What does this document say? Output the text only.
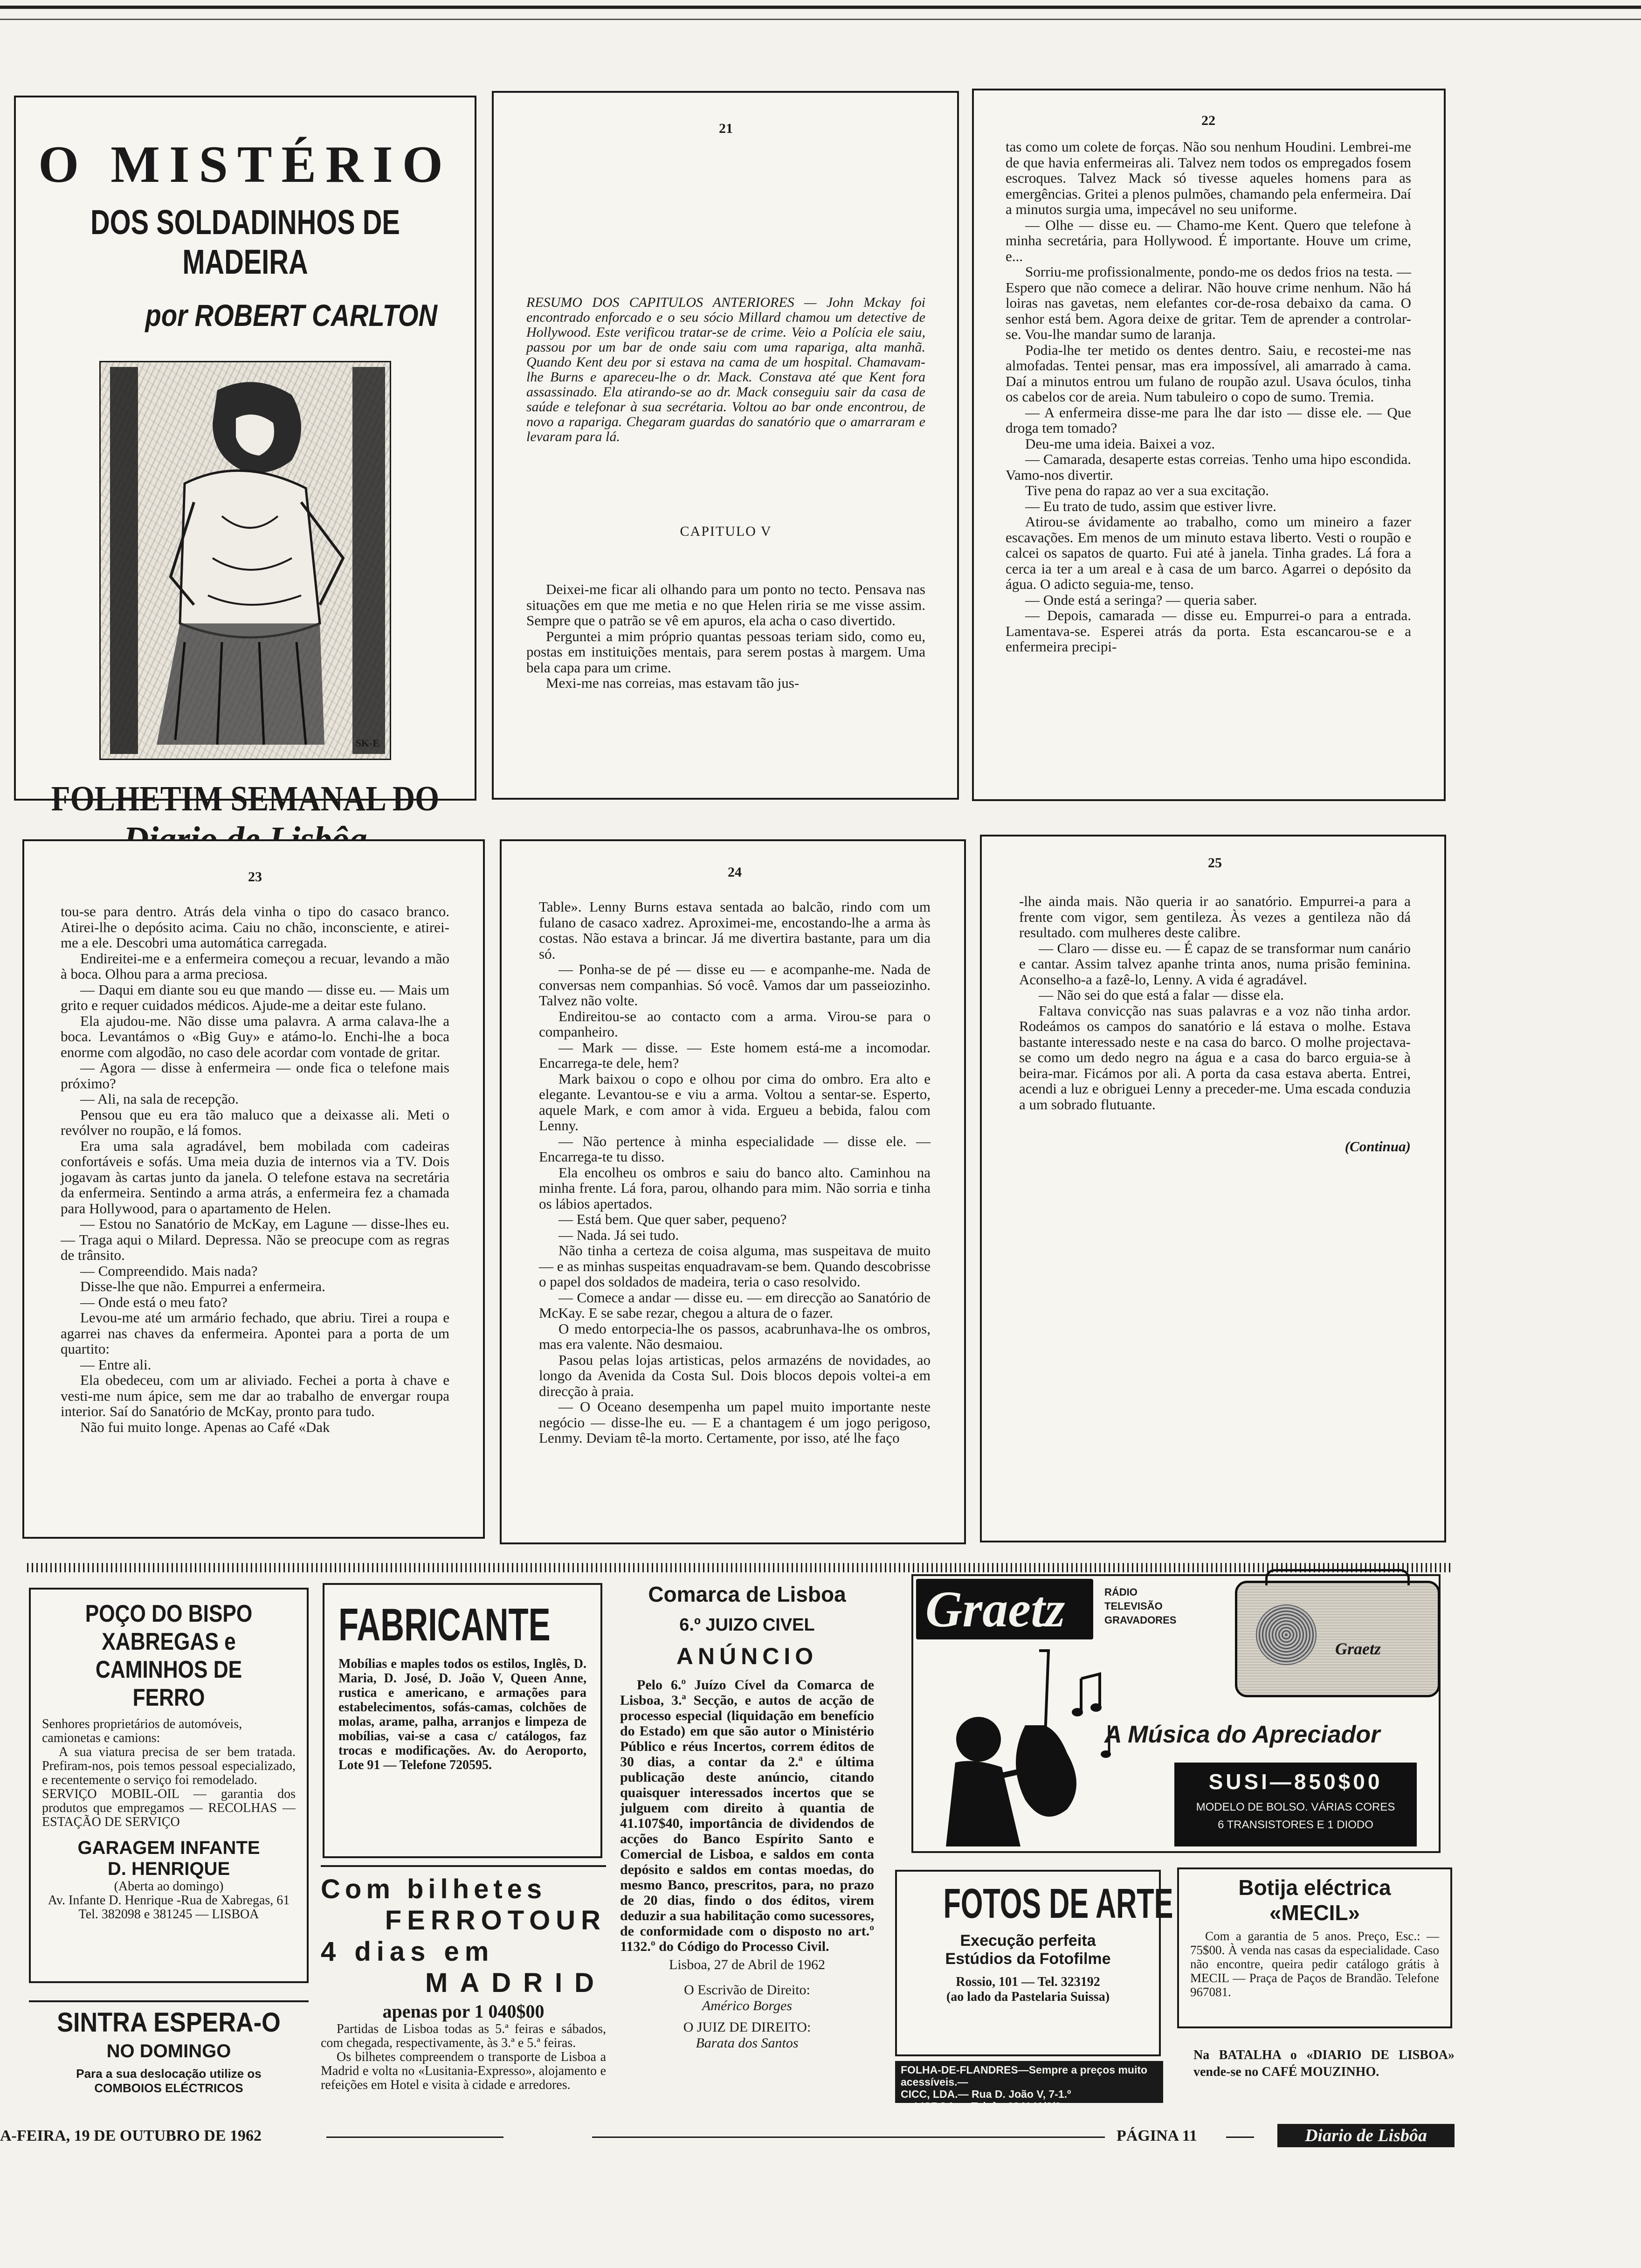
O MISTÉRIO
DOS SOLDADINHOS DE MADEIRA
por ROBERT CARLTON
SK-E
FOLHETIM SEMANAL DO
21
RESUMO DOS CAPITULOS ANTERIORES — John Mckay foi encontrado enforcado e o seu sócio Millard chamou um detective de Hollywood. Este verificou tratar-se de crime. Veio a Polícia ele saiu, passou por um bar de onde saiu com uma rapariga, alta manhã. Quando Kent deu por si estava na cama de um hospital. Chamavam-lhe Burns e apareceu-lhe o dr. Mack. Constava até que Kent fora assassinado. Ela atirando-se ao dr. Mack conseguiu sair da casa de saúde e telefonar à sua secrétaria. Voltou ao bar onde encontrou, de novo a rapariga. Chegaram guardas do sanatório que o amarraram e levaram para lá.
CAPITULO V

Deixei-me ficar ali olhando para um ponto no tecto. Pensava nas situações em que me metia e no que Helen riria se me visse assim. Sempre que o patrão se vê em apuros, ela acha o caso divertido.

Perguntei a mim próprio quantas pessoas teriam sido, como eu, postas em instituições mentais, para serem postas à margem. Uma bela capa para um crime.

Mexi-me nas correias, mas estavam tão jus-

22

tas como um colete de forças. Não sou nenhum Houdini. Lembrei-me de que havia enfermeiras ali. Talvez nem todos os empregados fosem escroques. Talvez Mack só tivesse aqueles homens para as emergências. Gritei a plenos pulmões, chamando pela enfermeira. Daí a minutos surgia uma, impecável no seu uniforme.

— Olhe — disse eu. — Chamo-me Kent. Quero que telefone à minha secretária, para Hollywood. É importante. Houve um crime, e...

Sorriu-me profissionalmente, pondo-me os dedos frios na testa. — Espero que não comece a delirar. Não houve crime nenhum. Não há loiras nas gavetas, nem elefantes cor-de-rosa debaixo da cama. O senhor está bem. Agora deixe de gritar. Tem de aprender a controlar-se. Vou-lhe mandar sumo de laranja.

Podia-lhe ter metido os dentes dentro. Saiu, e recostei-me nas almofadas. Tentei pensar, mas era impossível, ali amarrado à cama. Daí a minutos entrou um fulano de roupão azul. Usava óculos, tinha os cabelos cor de areia. Num tabuleiro o copo de sumo. Tremia.

— A enfermeira disse-me para lhe dar isto — disse ele. — Que droga tem tomado?

Deu-me uma ideia. Baixei a voz.

— Camarada, desaperte estas correias. Tenho uma hipo escondida. Vamo-nos divertir.

Tive pena do rapaz ao ver a sua excitação.

— Eu trato de tudo, assim que estiver livre.

Atirou-se ávidamente ao trabalho, como um mineiro a fazer escavações. Em menos de um minuto estava liberto. Vesti o roupão e calcei os sapatos de quarto. Fui até à janela. Tinha grades. Lá fora a cerca ia ter a um areal e à casa de um barco. Agarrei o depósito da água. O adicto seguia-me, tenso.

— Onde está a seringa? — queria saber.

— Depois, camarada — disse eu. Empurrei-o para a entrada. Lamentava-se. Esperei atrás da porta. Esta escancarou-se e a enfermeira precipi-

23

tou-se para dentro. Atrás dela vinha o tipo do casaco branco. Atirei-lhe o depósito acima. Caiu no chão, inconsciente, e atirei-me a ele. Descobri uma automática carregada.

Endireitei-me e a enfermeira começou a recuar, levando a mão à boca. Olhou para a arma preciosa.

— Daqui em diante sou eu que mando — disse eu. — Mais um grito e requer cuidados médicos. Ajude-me a deitar este fulano.

Ela ajudou-me. Não disse uma palavra. A arma calava-lhe a boca. Levantámos o «Big Guy» e atámo-lo. Enchi-lhe a boca enorme com algodão, no caso dele acordar com vontade de gritar.

— Agora — disse à enfermeira — onde fica o telefone mais próximo?

— Ali, na sala de recepção.

Pensou que eu era tão maluco que a deixasse ali. Meti o revólver no roupão, e lá fomos.

Era uma sala agradável, bem mobilada com cadeiras confortáveis e sofás. Uma meia duzia de internos via a TV. Dois jogavam às cartas junto da janela. O telefone estava na secretária da enfermeira. Sentindo a arma atrás, a enfermeira fez a chamada para Hollywood, para o apartamento de Helen.

— Estou no Sanatório de McKay, em Lagune — disse-lhes eu. — Traga aqui o Milard. Depressa. Não se preocupe com as regras de trânsito.

— Compreendido. Mais nada?

Disse-lhe que não. Empurrei a enfermeira.

— Onde está o meu fato?

Levou-me até um armário fechado, que abriu. Tirei a roupa e agarrei nas chaves da enfermeira. Apontei para a porta de um quartito:

— Entre ali.

Ela obedeceu, com um ar aliviado. Fechei a porta à chave e vesti-me num ápice, sem me dar ao trabalho de envergar roupa interior. Saí do Sanatório de McKay, pronto para tudo.

Não fui muito longe. Apenas ao Café «Dak

24

Table». Lenny Burns estava sentada ao balcão, rindo com um fulano de casaco xadrez. Aproximei-me, encostando-lhe a arma às costas. Não estava a brincar. Já me divertira bastante, para um dia só.

— Ponha-se de pé — disse eu — e acompanhe-me. Nada de conversas nem companhias. Só você. Vamos dar um passeiozinho. Talvez não volte.

Endireitou-se ao contacto com a arma. Virou-se para o companheiro.

— Mark — disse. — Este homem está-me a incomodar. Encarrega-te dele, hem?

Mark baixou o copo e olhou por cima do ombro. Era alto e elegante. Levantou-se e viu a arma. Voltou a sentar-se. Esperto, aquele Mark, e com amor à vida. Ergueu a bebida, falou com Lenny.

— Não pertence à minha especialidade — disse ele. — Encarrega-te tu disso.

Ela encolheu os ombros e saiu do banco alto. Caminhou na minha frente. Lá fora, parou, olhando para mim. Não sorria e tinha os lábios apertados.

— Está bem. Que quer saber, pequeno?

— Nada. Já sei tudo.

Não tinha a certeza de coisa alguma, mas suspeitava de muito — e as minhas suspeitas enquadravam-se bem. Quando descobrisse o papel dos soldados de madeira, teria o caso resolvido.

— Comece a andar — disse eu. — em direcção ao Sanatório de McKay. E se sabe rezar, chegou a altura de o fazer.

O medo entorpecia-lhe os passos, acabrunhava-lhe os ombros, mas era valente. Não desmaiou.

Pasou pelas lojas artisticas, pelos armazéns de novidades, ao longo da Avenida da Costa Sul. Dois blocos depois voltei-a em direcção à praia.

— O Oceano desempenha um papel muito importante neste negócio — disse-lhe eu. — E a chantagem é um jogo perigoso, Lenmy. Deviam tê-la morto. Certamente, por isso, até lhe faço

25

-lhe ainda mais. Não queria ir ao sanatório. Empurrei-a para a frente com vigor, sem gentileza. Às vezes a gentileza não dá resultado. com mulheres deste calibre.

— Claro — disse eu. — É capaz de se transformar num canário e cantar. Assim talvez apanhe trinta anos, numa prisão feminina. Aconselho-a a fazê-lo, Lenny. A vida é agradável.

— Não sei do que está a falar — disse ela.

Faltava convicção nas suas palavras e a voz não tinha ardor. Rodeámos os campos do sanatório e lá estava o molhe. Estava bastante interessado neste e na casa do barco. O molhe projectava-se como um dedo negro na água e a casa do barco erguia-se à beira-mar. Ficámos por ali. A porta da casa estava aberta. Entrei, acendi a luz e obriguei Lenny a preceder-me. Uma escada conduzia a um sobrado flutuante.

(Continua)
POÇO DO BISPO
XABREGAS e
CAMINHOS DE FERRO
Senhores proprietários de automóveis, camionetas e camions:
A sua viatura precisa de ser bem tratada. Prefiram-nos, pois temos pessoal especializado, e recentemente o serviço foi remodelado.
SERVIÇO MOBIL-OIL — garantia dos produtos que empregamos — RECOLHAS — ESTAÇÃO DE SERVIÇO
GARAGEM INFANTE
D. HENRIQUE
(Aberta ao domingo)
Av. Infante D. Henrique -Rua de Xabregas, 61
Tel. 382098 e 381245 — LISBOA
SINTRA ESPERA-O
NO DOMINGO
Para a sua deslocação utilize os COMBOIOS ELÉCTRICOS
FABRICANTE
Mobílias e maples todos os estilos, Inglês, D. Maria, D. José, D. João V, Queen Anne, rustica e americano, e armações para estabelecimentos, sofás-camas, colchões de molas, arame, palha, arranjos e limpeza de mobílias, vai-se a casa c/ catálogos, faz trocas e modificações. Av. do Aeroporto, Lote 91 — Telefone 720595.
Com bilhetes
FERROTOUR
4 dias em
MADRID
apenas por 1 040$00
Partidas de Lisboa todas as 5.ª feiras e sábados, com chegada, respectivamente, às 3.ª e 5.ª feiras.
Os bilhetes compreendem o transporte de Lisboa a Madrid e volta no «Lusitania-Expresso», alojamento e refeições em Hotel e visita à cidade e arredores.
Comarca de Lisboa
6.º JUIZO CIVEL
ANÚNCIO
Pelo 6.º Juízo Cível da Comarca de Lisboa, 3.ª Secção, e autos de acção de processo especial (liquidação em benefício do Estado) em que são autor o Ministério Público e réus Incertos, correm éditos de 30 dias, a contar da 2.ª e última publicação deste anúncio, citando quaisquer interessados incertos que se julguem com direito à quantia de 41.107$40, importância de dividendos de acções do Banco Espírito Santo e Comercial de Lisboa, e saldos em conta depósito e saldos em contas moedas, do mesmo Banco, prescritos, para, no prazo de 20 dias, findo o dos éditos, virem deduzir a sua habilitação como sucessores, de conformidade com o disposto no art.º 1132.º do Código do Processo Civil.
Lisboa, 27 de Abril de 1962
O Escrivão de Direito:
Américo Borges
O JUIZ DE DIREITO:
Barata dos Santos
Graetz	RÁDIO
TELEVISÃO
GRAVADORES
Graetz
A Música do Apreciador
SUSI—850$00
MODELO DE BOLSO. VÁRIAS CORES
6 TRANSISTORES E 1 DIODO
FOTOS DE ARTE
Execução perfeita
Estúdios da Fotofilme
Rossio, 101 — Tel. 323192
(ao lado da Pastelaria Suissa)
FOLHA-DE-FLANDRES—Sempre a preços muito acessíveis.—
CICC, LDA.— Rua D. João V, 7-1.º
— LISBOA — Telefs. 684141/2/3.
Botija eléctrica
«MECIL»
Com a garantia de 5 anos. Preço, Esc.: — 75$00. À venda nas casas da especialidade. Caso não encontre, queira pedir catálogo grátis à MECIL — Praça de Paços de Brandão. Telefone 967081.
Na BATALHA o «DIARIO DE LISBOA» vende-se no CAFÉ MOUZINHO.
A-FEIRA, 19 DE OUTUBRO DE 1962	PÁGINA 11	Diario de Lisbôa
